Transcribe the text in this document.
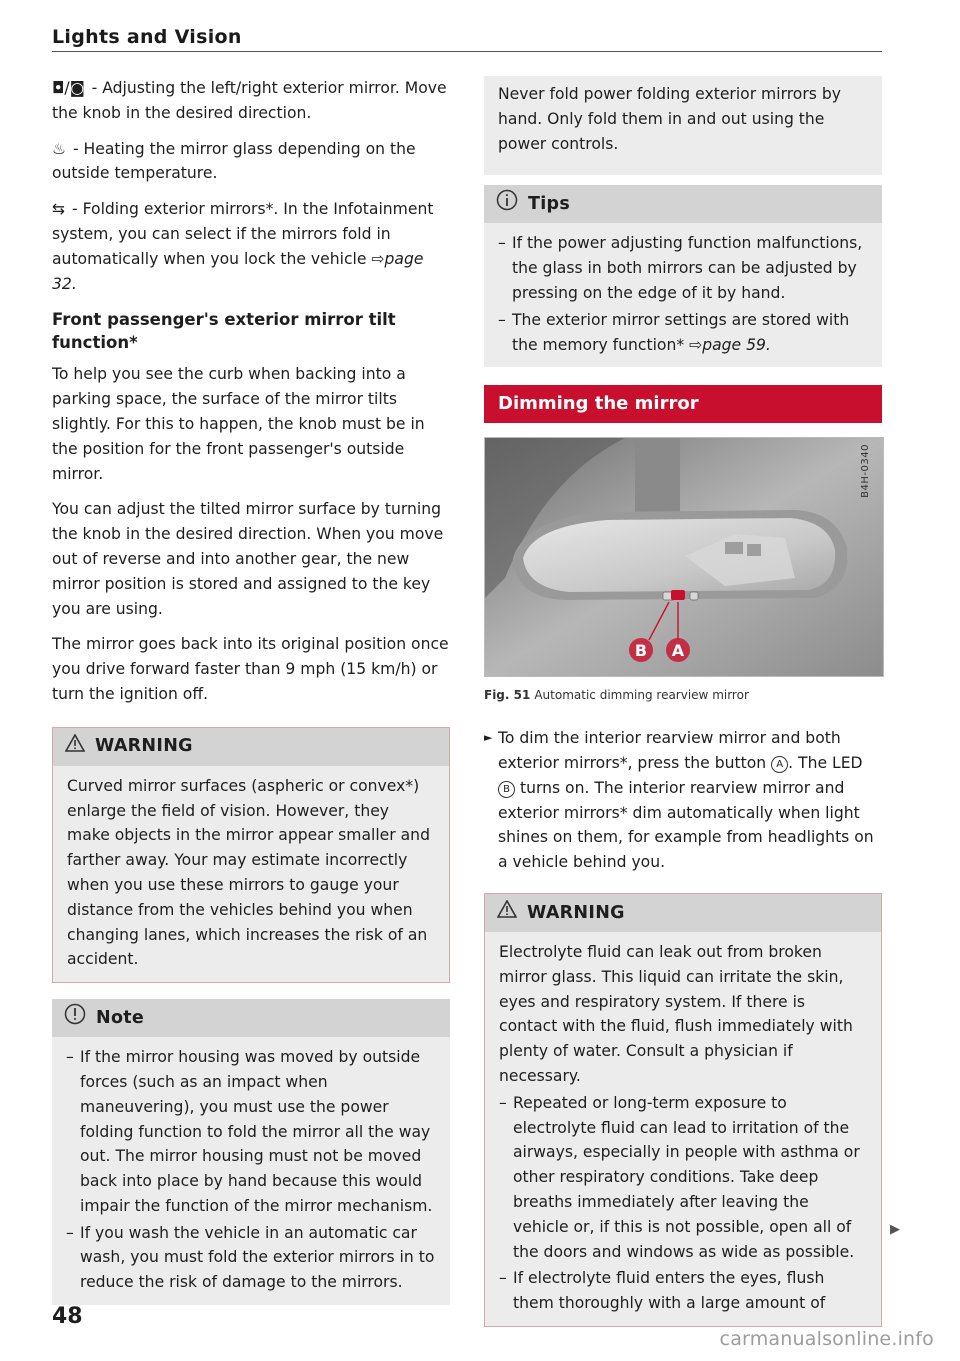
Lights and Vision

◘/◙ - Adjusting the left/right exterior mirror. Move the knob in the desired direction.

♨ - Heating the mirror glass depending on the outside temperature.

⇆ - Folding exterior mirrors*. In the Infotainment system, you can select if the mirrors fold in automatically when you lock the vehicle ⇨page 32.

Front passenger's exterior mirror tilt function*

To help you see the curb when backing into a parking space, the surface of the mirror tilts slightly. For this to happen, the knob must be in the position for the front passenger's outside mirror.

You can adjust the tilted mirror surface by turning the knob in the desired direction. When you move out of reverse and into another gear, the new mirror position is stored and assigned to the key you are using.

The mirror goes back into its original position once you drive forward faster than 9 mph (15 km/h) or turn the ignition off.

WARNING

Curved mirror surfaces (aspheric or convex*) enlarge the field of vision. However, they make objects in the mirror appear smaller and farther away. Your may estimate incorrectly when you use these mirrors to gauge your distance from the vehicles behind you when changing lanes, which increases the risk of an accident.

Note
– If the mirror housing was moved by outside forces (such as an impact when maneuvering), you must use the power folding function to fold the mirror all the way out. The mirror housing must not be moved back into place by hand because this would impair the function of the mirror mechanism.
– If you wash the vehicle in an automatic car wash, you must fold the exterior mirrors in to reduce the risk of damage to the mirrors.

Never fold power folding exterior mirrors by hand. Only fold them in and out using the power controls.

Tips
– If the power adjusting function malfunctions, the glass in both mirrors can be adjusted by pressing on the edge of it by hand.
– The exterior mirror settings are stored with the memory function* ⇨page 59.
Dimming the mirror
B A
B4H-0340
Fig. 51 Automatic dimming rearview mirror
► To dim the interior rearview mirror and both exterior mirrors*, press the button A . The LED B turns on. The interior rearview mirror and exterior mirrors* dim automatically when light shines on them, for example from headlights on a vehicle behind you.
WARNING

Electrolyte fluid can leak out from broken mirror glass. This liquid can irritate the skin, eyes and respiratory system. If there is contact with the fluid, flush immediately with plenty of water. Consult a physician if necessary.

– Repeated or long-term exposure to electrolyte fluid can lead to irritation of the airways, especially in people with asthma or other respiratory conditions. Take deep breaths immediately after leaving the vehicle or, if this is not possible, open all of the doors and windows as wide as possible.
– If electrolyte fluid enters the eyes, flush them thoroughly with a large amount of
▶
48
carmanualsonline.info
